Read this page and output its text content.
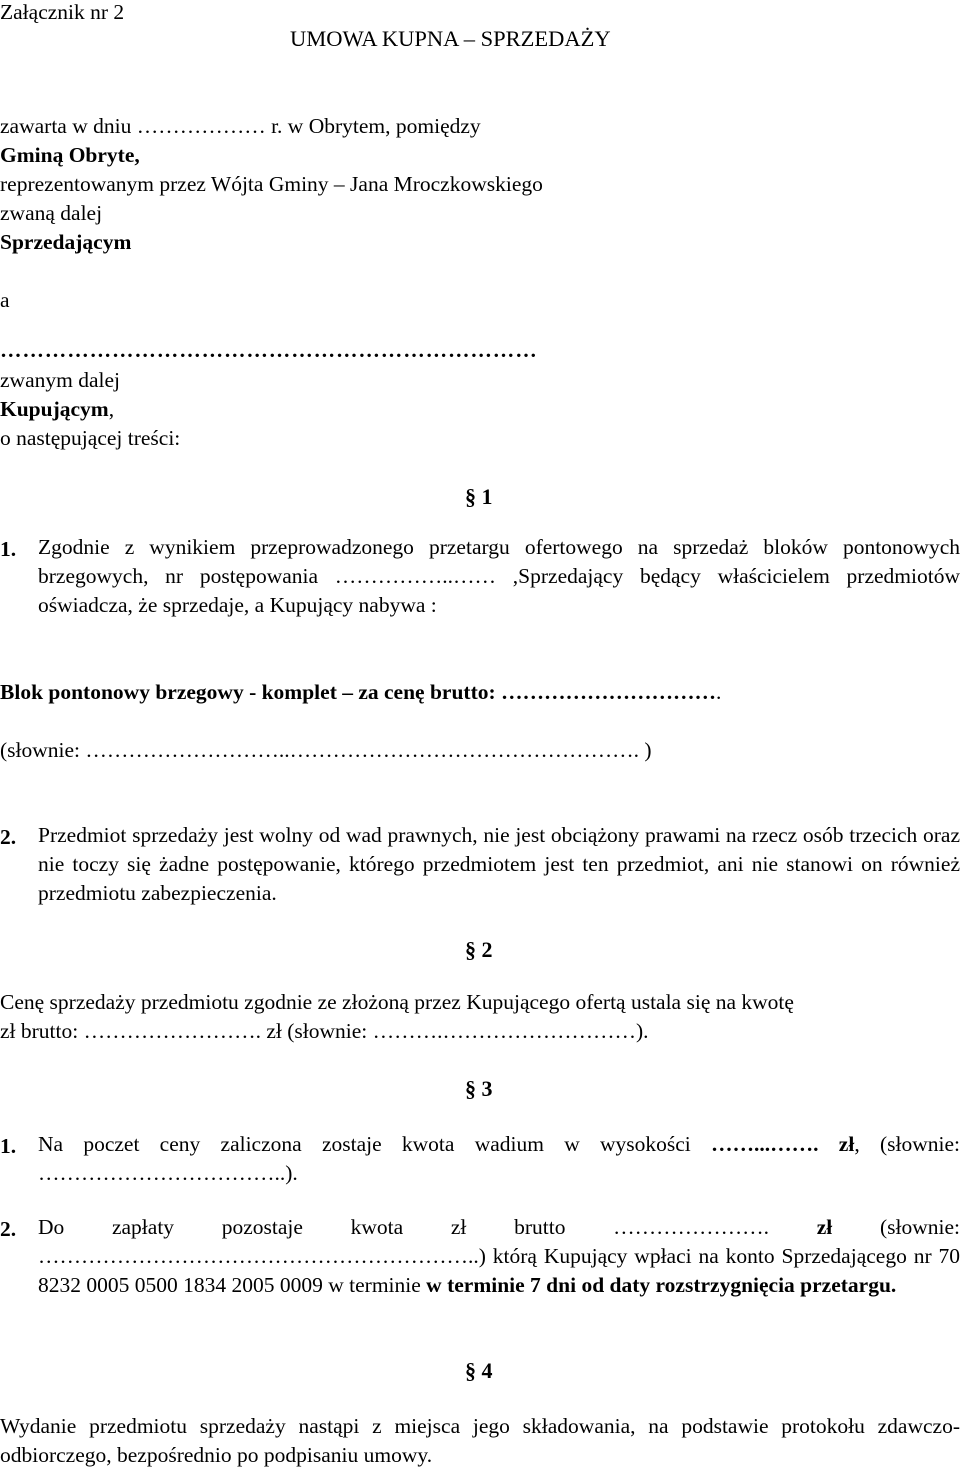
Załącznik nr 2
UMOWA KUPNA – SPRZEDAŻY
zawarta w dniu ……………… r. w Obrytem, pomiędzy
Gminą Obryte,
reprezentowanym przez Wójta Gminy – Jana Mroczkowskiego
zwaną dalej
Sprzedającym
a
………………………………………………………………
zwanym dalej
Kupującym,
o następującej treści:
§ 1
1. Zgodnie z wynikiem przeprowadzonego przetargu ofertowego na sprzedaż bloków pontonowych brzegowych, nr postępowania ……………..…… ,Sprzedający będący właścicielem przedmiotów oświadcza, że sprzedaje, a Kupujący nabywa :
Blok pontonowy brzegowy - komplet – za cenę brutto: ………………………….
(słownie: ………………………..…………………………………………. )
2. Przedmiot sprzedaży jest wolny od wad prawnych, nie jest obciążony prawami na rzecz osób trzecich oraz nie toczy się żadne postępowanie, którego przedmiotem jest ten przedmiot, ani nie stanowi on również przedmiotu zabezpieczenia.
§ 2
Cenę sprzedaży przedmiotu zgodnie ze złożoną przez Kupującego ofertą ustala się na kwotę
zł brutto: ……………………. zł (słownie: ……….………………………).
§ 3
1. Na poczet ceny zaliczona zostaje kwota wadium w wysokości ……...……. zł, (słownie: ……………………………..).
2. Do zapłaty pozostaje kwota zł brutto …………………. zł (słownie: ……………………………………………………..) którą Kupujący wpłaci na konto Sprzedającego nr 70 8232 0005 0500 1834 2005 0009 w terminie w terminie 7 dni od daty rozstrzygnięcia przetargu.
§ 4
Wydanie przedmiotu sprzedaży nastąpi z miejsca jego składowania, na podstawie protokołu zdawczo-odbiorczego, bezpośrednio po podpisaniu umowy.
